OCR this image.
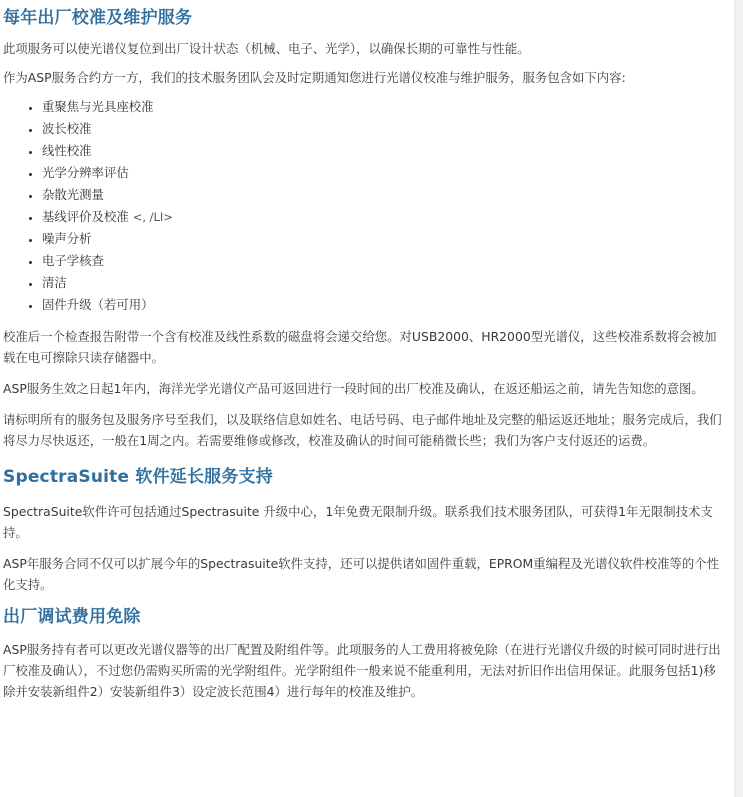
每年出厂校准及维护服务

此项服务可以使光谱仪复位到出厂设计状态（机械、电子、光学），以确保长期的可靠性与性能。

作为ASP服务合约方一方，我们的技术服务团队会及时定期通知您进行光谱仪校准与维护服务，服务包含如下内容:

• 重聚焦与光具座校准
• 波长校准
• 线性校准
• 光学分辨率评估
• 杂散光测量
• 基线评价及校准 <, /LI>
• 噪声分析
• 电子学核查
• 清洁
• 固件升级（若可用）

校准后一个检查报告附带一个含有校准及线性系数的磁盘将会递交给您。对USB2000、HR2000型光谱仪，这些校准系数将会被加载在电可擦除只读存储器中。

ASP服务生效之日起1年内，海洋光学光谱仪产品可返回进行一段时间的出厂校准及确认，在返还船运之前，请先告知您的意图。

请标明所有的服务包及服务序号至我们，以及联络信息如姓名、电话号码、电子邮件地址及完整的船运返还地址；服务完成后，我们将尽力尽快返还，一般在1周之内。若需要维修或修改，校准及确认的时间可能稍微长些；我们为客户支付返还的运费。

SpectraSuite 软件延长服务支持

SpectraSuite软件许可包括通过Spectrasuite 升级中心，1年免费无限制升级。联系我们技术服务团队，可获得1年无限制技术支持。

ASP年服务合同不仅可以扩展今年的Spectrasuite软件支持，还可以提供诸如固件重载，EPROM重编程及光谱仪软件校准等的个性化支持。

出厂调试费用免除

ASP服务持有者可以更改光谱仪器等的出厂配置及附组件等。此项服务的人工费用将被免除（在进行光谱仪升级的时候可同时进行出厂校准及确认），不过您仍需购买所需的光学附组件。光学附组件一般来说不能重利用，无法对折旧作出信用保证。此服务包括1)移除并安装新组件2）安装新组件3）设定波长范围4）进行每年的校准及维护。
